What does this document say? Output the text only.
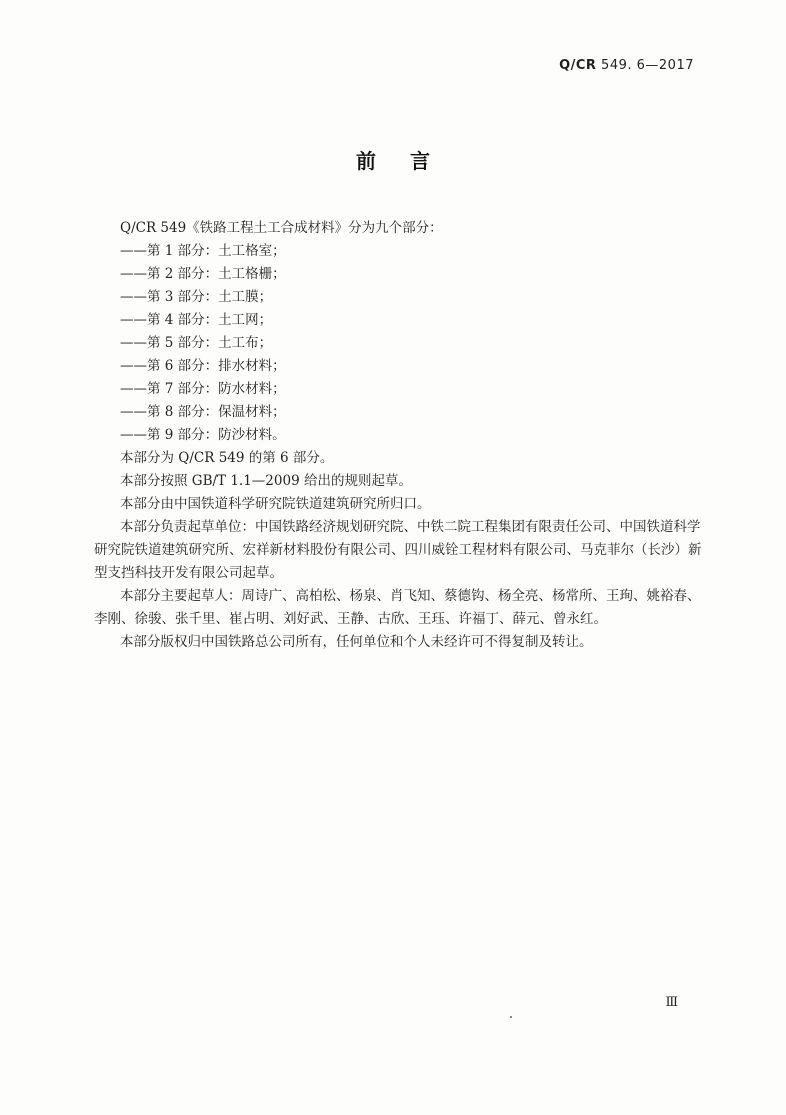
Q/CR 549. 6—2017
前言

Q/CR 549《铁路工程土工合成材料》分为九个部分：

——第 1 部分：土工格室；

——第 2 部分：土工格栅；

——第 3 部分：土工膜；

——第 4 部分：土工网；

——第 5 部分：土工布；

——第 6 部分：排水材料；

——第 7 部分：防水材料；

——第 8 部分：保温材料；

——第 9 部分：防沙材料。

本部分为 Q/CR 549 的第 6 部分。

本部分按照 GB/T 1.1—2009 给出的规则起草。

本部分由中国铁道科学研究院铁道建筑研究所归口。

本部分负责起草单位：中国铁路经济规划研究院、中铁二院工程集团有限责任公司、中国铁道科学研究院铁道建筑研究所、宏祥新材料股份有限公司、四川威铨工程材料有限公司、马克菲尔（长沙）新型支挡科技开发有限公司起草。

本部分主要起草人：周诗广、高柏松、杨泉、肖飞知、蔡德钩、杨全亮、杨常所、王珣、姚裕春、李刚、徐骏、张千里、崔占明、刘好武、王静、古欣、王珏、许福丁、薛元、曾永红。

本部分版权归中国铁路总公司所有，任何单位和个人未经许可不得复制及转让。

Ⅲ
